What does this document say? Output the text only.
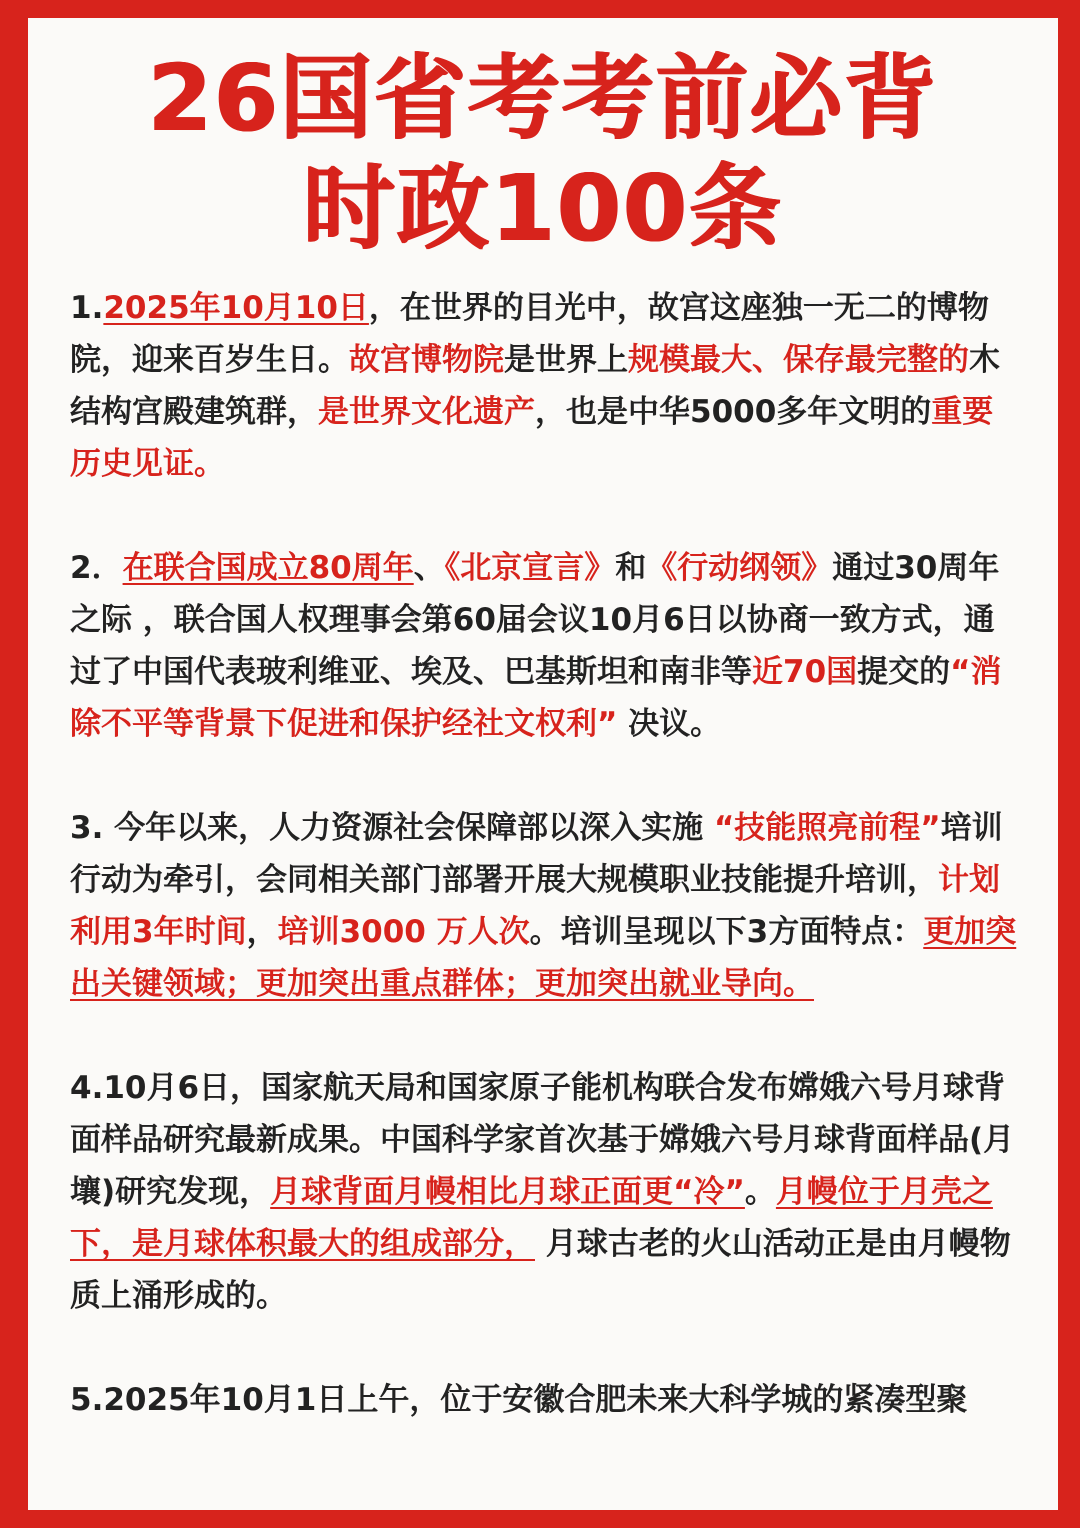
26国省考考前必背
时政100条

1.2025年10月10日，在世界的目光中，故宫这座独一无二的博物院，迎来百岁生日。故宫博物院是世界上规模最大、保存最完整的木结构宫殿建筑群，是世界文化遗产，也是中华5000多年文明的重要历史见证。

2．在联合国成立80周年、《北京宣言》和《行动纲领》通过30周年之际 ，联合国人权理事会第60届会议10月6日以协商一致方式，通过了中国代表玻利维亚、埃及、巴基斯坦和南非等近70国提交的“消除不平等背景下促进和保护经社文权利” 决议。

3. 今年以来，人力资源社会保障部以深入实施 “技能照亮前程”培训行动为牵引，会同相关部门部署开展大规模职业技能提升培训，计划利用3年时间，培训3000 万人次。培训呈现以下3方面特点：更加突出关键领域；更加突出重点群体；更加突出就业导向。

4.10月6日，国家航天局和国家原子能机构联合发布嫦娥六号月球背面样品研究最新成果。中国科学家首次基于嫦娥六号月球背面样品(月壤)研究发现，月球背面月幔相比月球正面更“冷”。月幔位于月壳之下，是月球体积最大的组成部分， 月球古老的火山活动正是由月幔物质上涌形成的。

5.2025年10月1日上午，位于安徽合肥未来大科学城的紧凑型聚
